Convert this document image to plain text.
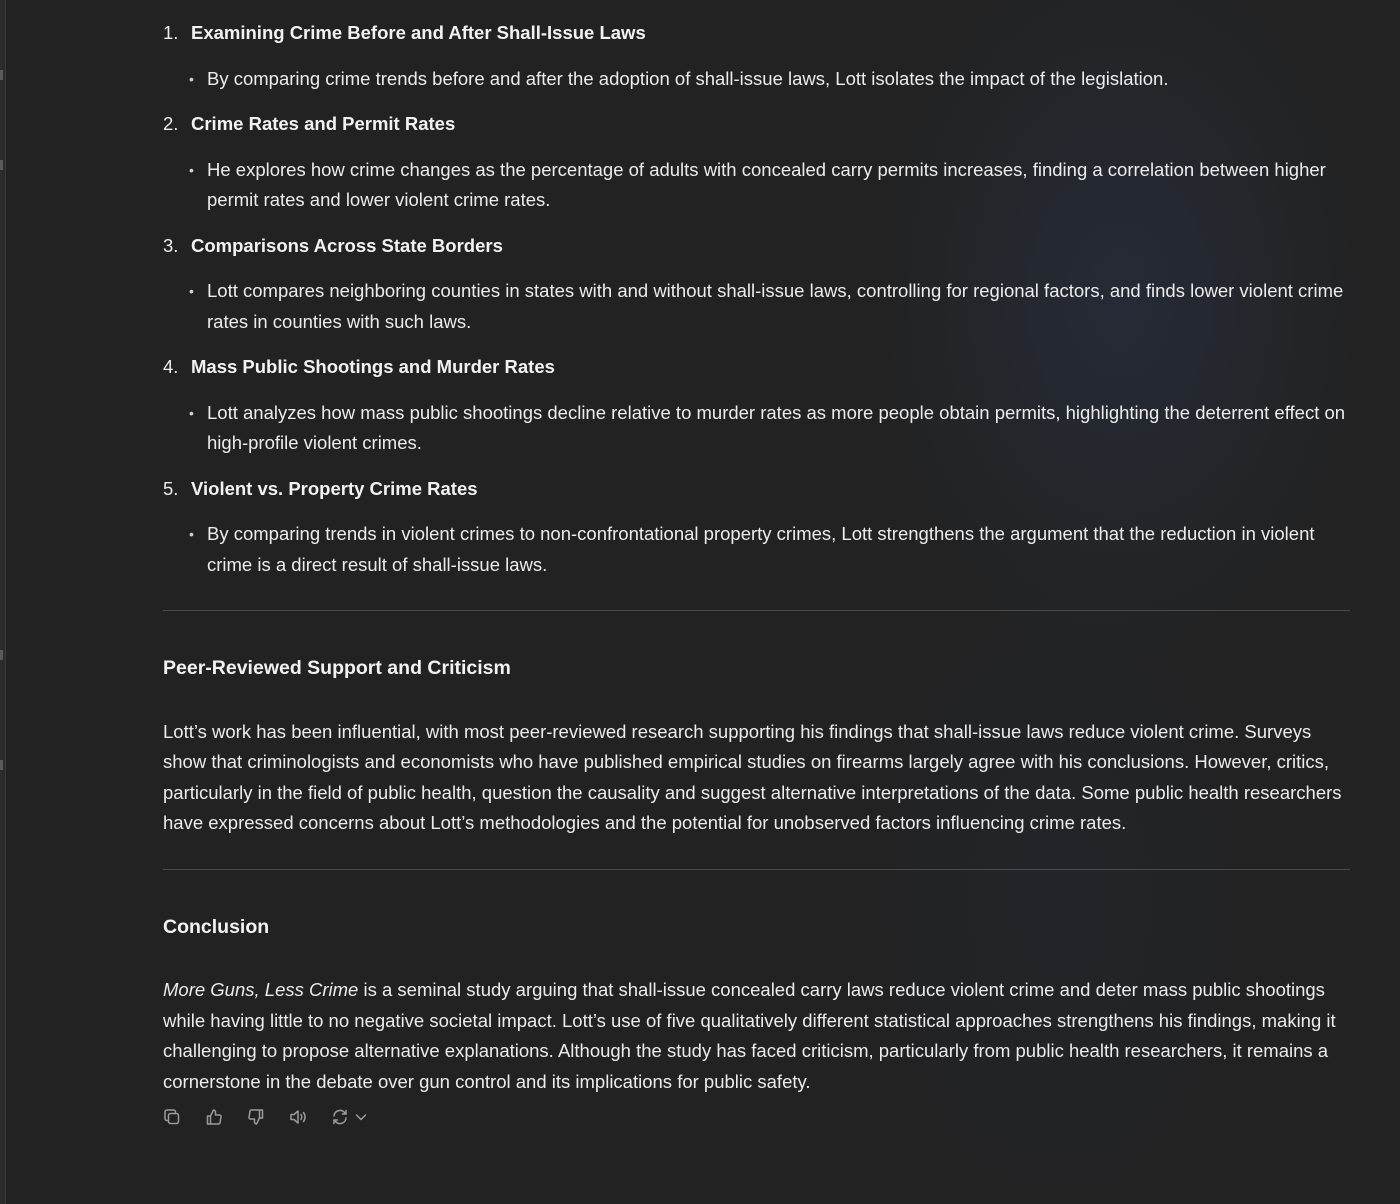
1. Examining Crime Before and After Shall-Issue Laws
• By comparing crime trends before and after the adoption of shall-issue laws, Lott isolates the impact of the legislation.
2. Crime Rates and Permit Rates
• He explores how crime changes as the percentage of adults with concealed carry permits increases, finding a correlation between higher permit rates and lower violent crime rates.
3. Comparisons Across State Borders
• Lott compares neighboring counties in states with and without shall-issue laws, controlling for regional factors, and finds lower violent crime rates in counties with such laws.
4. Mass Public Shootings and Murder Rates
• Lott analyzes how mass public shootings decline relative to murder rates as more people obtain permits, highlighting the deterrent effect on high-profile violent crimes.
5. Violent vs. Property Crime Rates
• By comparing trends in violent crimes to non-confrontational property crimes, Lott strengthens the argument that the reduction in violent crime is a direct result of shall-issue laws.
Peer-Reviewed Support and Criticism

Lott’s work has been influential, with most peer-reviewed research supporting his findings that shall-issue laws reduce violent crime. Surveys show that criminologists and economists who have published empirical studies on firearms largely agree with his conclusions. However, critics, particularly in the field of public health, question the causality and suggest alternative interpretations of the data. Some public health researchers have expressed concerns about Lott’s methodologies and the potential for unobserved factors influencing crime rates.

Conclusion

More Guns, Less Crime is a seminal study arguing that shall-issue concealed carry laws reduce violent crime and deter mass public shootings while having little to no negative societal impact. Lott’s use of five qualitatively different statistical approaches strengthens his findings, making it challenging to propose alternative explanations. Although the study has faced criticism, particularly from public health researchers, it remains a cornerstone in the debate over gun control and its implications for public safety.
